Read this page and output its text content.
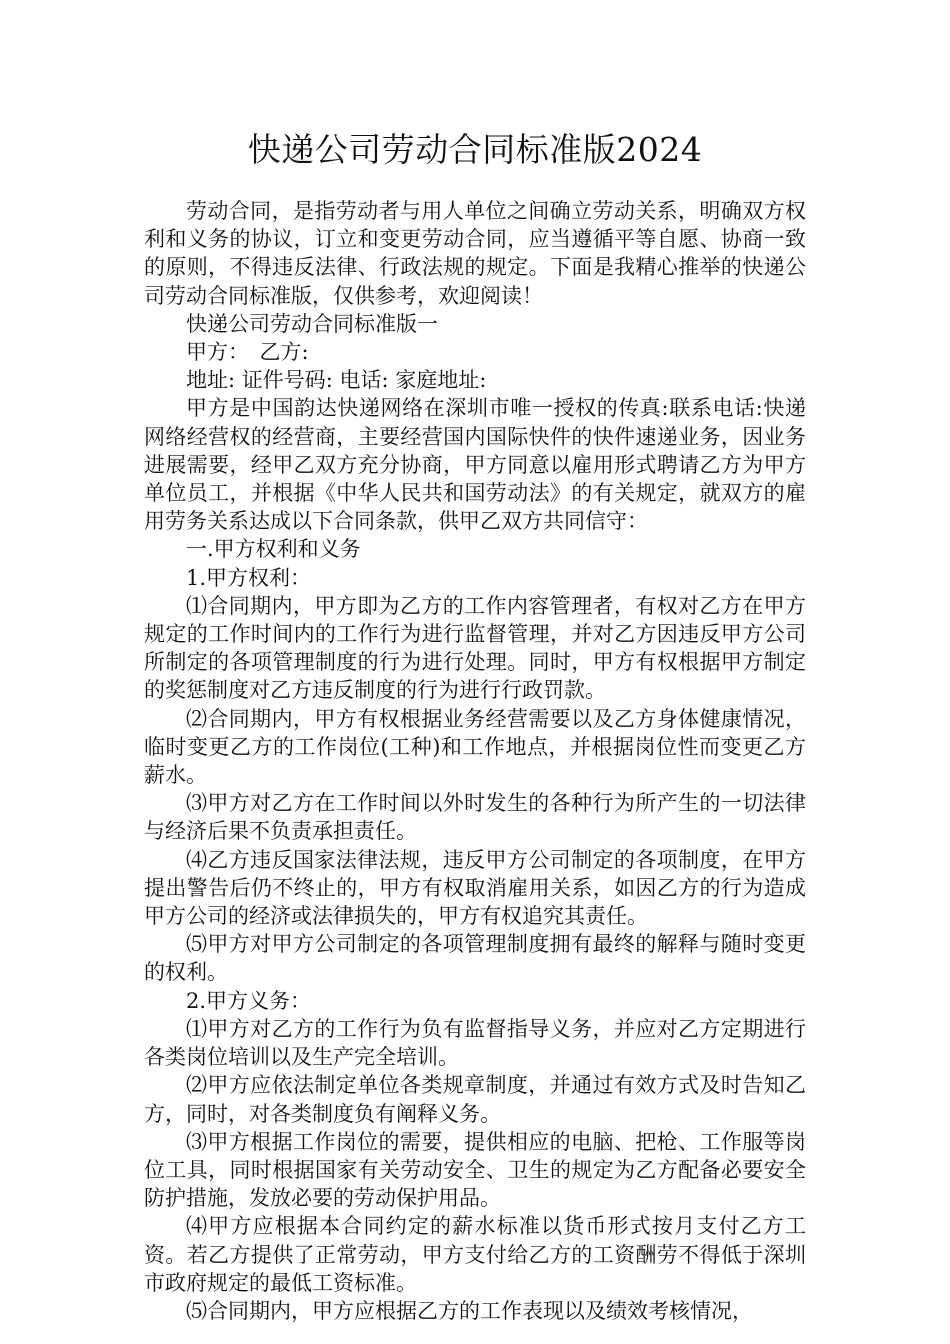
快递公司劳动合同标准版2024

劳动合同，是指劳动者与用人单位之间确立劳动关系，明确双方权利和义务的协议，订立和变更劳动合同，应当遵循平等自愿、协商一致的原则，不得违反法律、行政法规的规定。下面是我精心推举的快递公司劳动合同标准版，仅供参考，欢迎阅读！

快递公司劳动合同标准版一

甲方：　乙方:

地址: 证件号码: 电话: 家庭地址:

甲方是中国韵达快递网络在深圳市唯一授权的传真:联系电话:快递网络经营权的经营商，主要经营国内国际快件的快件速递业务，因业务进展需要，经甲乙双方充分协商，甲方同意以雇用形式聘请乙方为甲方单位员工，并根据《中华人民共和国劳动法》的有关规定，就双方的雇用劳务关系达成以下合同条款，供甲乙双方共同信守：

一.甲方权利和义务

1.甲方权利：

⑴合同期内，甲方即为乙方的工作内容管理者，有权对乙方在甲方规定的工作时间内的工作行为进行监督管理，并对乙方因违反甲方公司所制定的各项管理制度的行为进行处理。同时，甲方有权根据甲方制定的奖惩制度对乙方违反制度的行为进行行政罚款。

⑵合同期内，甲方有权根据业务经营需要以及乙方身体健康情况，临时变更乙方的工作岗位(工种)和工作地点，并根据岗位性而变更乙方薪水。

⑶甲方对乙方在工作时间以外时发生的各种行为所产生的一切法律与经济后果不负责承担责任。

⑷乙方违反国家法律法规，违反甲方公司制定的各项制度，在甲方提出警告后仍不终止的，甲方有权取消雇用关系，如因乙方的行为造成甲方公司的经济或法律损失的，甲方有权追究其责任。

⑸甲方对甲方公司制定的各项管理制度拥有最终的解释与随时变更的权利。

2.甲方义务：

⑴甲方对乙方的工作行为负有监督指导义务，并应对乙方定期进行各类岗位培训以及生产完全培训。

⑵甲方应依法制定单位各类规章制度，并通过有效方式及时告知乙方，同时，对各类制度负有阐释义务。

⑶甲方根据工作岗位的需要，提供相应的电脑、把枪、工作服等岗位工具，同时根据国家有关劳动安全、卫生的规定为乙方配备必要安全防护措施，发放必要的劳动保护用品。

⑷甲方应根据本合同约定的薪水标准以货币形式按月支付乙方工资。若乙方提供了正常劳动，甲方支付给乙方的工资酬劳不得低于深圳市政府规定的最低工资标准。

⑸合同期内，甲方应根据乙方的工作表现以及绩效考核情况，
